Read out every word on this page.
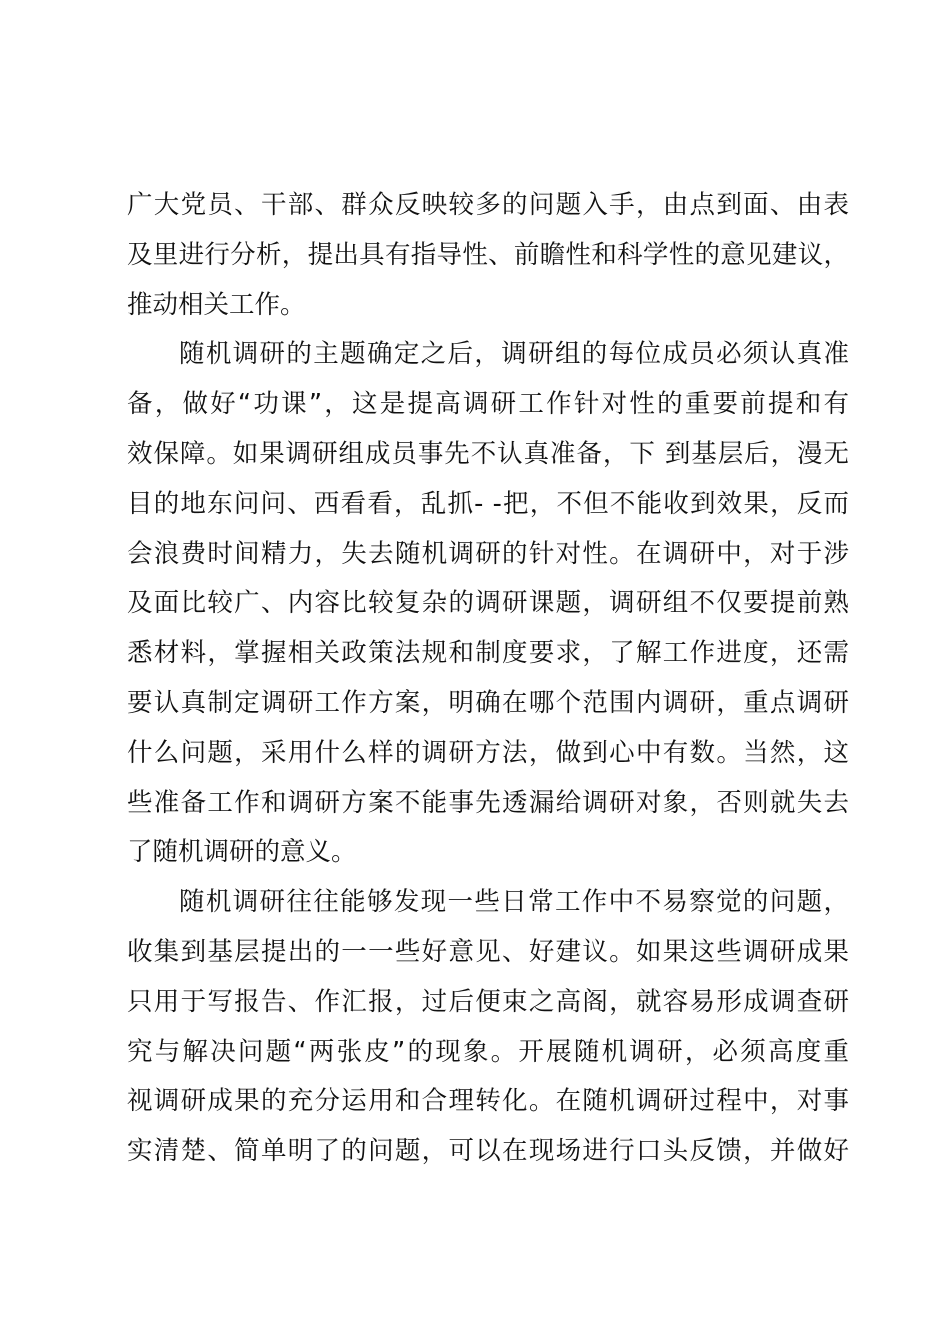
广大党员、干部、群众反映较多的问题入手，由点到面、由表
及里进行分析，提出具有指导性、前瞻性和科学性的意见建议，
推动相关工作。
随机调研的主题确定之后，调研组的每位成员必须认真准
备，做好“功课”，这是提高调研工作针对性的重要前提和有
效保障。如果调研组成员事先不认真准备，下 到基层后，漫无
目的地东问问、西看看，乱抓- -把，不但不能收到效果，反而
会浪费时间精力，失去随机调研的针对性。在调研中，对于涉
及面比较广、内容比较复杂的调研课题，调研组不仅要提前熟
悉材料，掌握相关政策法规和制度要求，了解工作进度，还需
要认真制定调研工作方案，明确在哪个范围内调研，重点调研
什么问题，采用什么样的调研方法，做到心中有数。当然，这
些准备工作和调研方案不能事先透漏给调研对象，否则就失去
了随机调研的意义。
随机调研往往能够发现一些日常工作中不易察觉的问题，
收集到基层提出的一一些好意见、好建议。如果这些调研成果
只用于写报告、作汇报，过后便束之高阁，就容易形成调查研
究与解决问题“两张皮”的现象。开展随机调研，必须高度重
视调研成果的充分运用和合理转化。在随机调研过程中，对事
实清楚、简单明了的问题，可以在现场进行口头反馈，并做好
